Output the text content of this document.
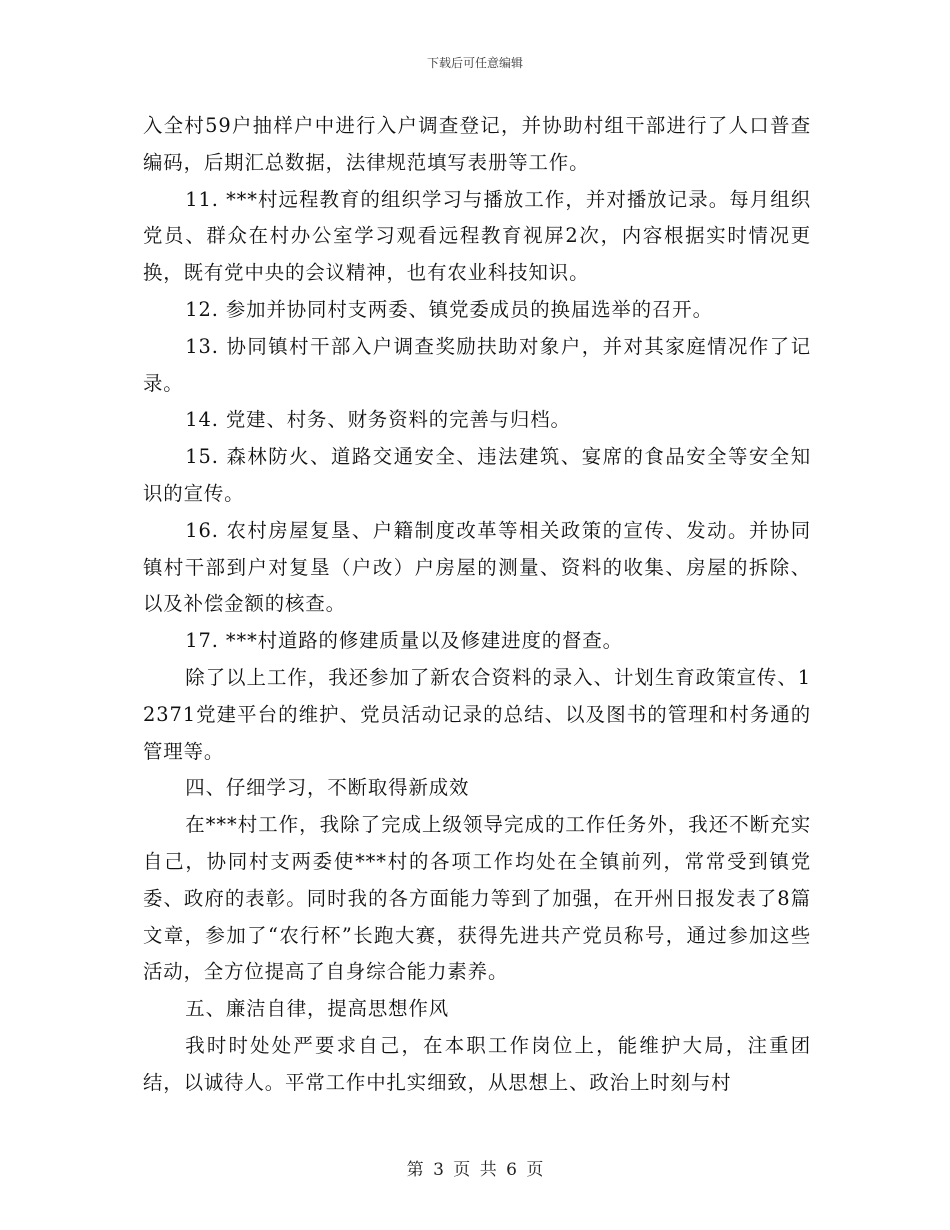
下载后可任意编辑

入全村59户抽样户中进行入户调查登记，并协助村组干部进行了人口普查编码，后期汇总数据，法律规范填写表册等工作。

11. ***村远程教育的组织学习与播放工作，并对播放记录。每月组织党员、群众在村办公室学习观看远程教育视屏2次，内容根据实时情况更换，既有党中央的会议精神，也有农业科技知识。

12. 参加并协同村支两委、镇党委成员的换届选举的召开。

13. 协同镇村干部入户调查奖励扶助对象户，并对其家庭情况作了记录。

14. 党建、村务、财务资料的完善与归档。

15. 森林防火、道路交通安全、违法建筑、宴席的食品安全等安全知识的宣传。

16. 农村房屋复垦、户籍制度改革等相关政策的宣传、发动。并协同镇村干部到户对复垦（户改）户房屋的测量、资料的收集、房屋的拆除、以及补偿金额的核查。

17. ***村道路的修建质量以及修建进度的督查。

除了以上工作，我还参加了新农合资料的录入、计划生育政策宣传、12371党建平台的维护、党员活动记录的总结、以及图书的管理和村务通的管理等。

四、仔细学习，不断取得新成效

在***村工作，我除了完成上级领导完成的工作任务外，我还不断充实自己，协同村支两委使***村的各项工作均处在全镇前列，常常受到镇党委、政府的表彰。同时我的各方面能力等到了加强，在开州日报发表了8篇文章，参加了“农行杯”长跑大赛，获得先进共产党员称号，通过参加这些活动，全方位提高了自身综合能力素养。

五、廉洁自律，提高思想作风

我时时处处严要求自己，在本职工作岗位上，能维护大局，注重团结，以诚待人。平常工作中扎实细致，从思想上、政治上时刻与村

第 3 页 共 6 页
